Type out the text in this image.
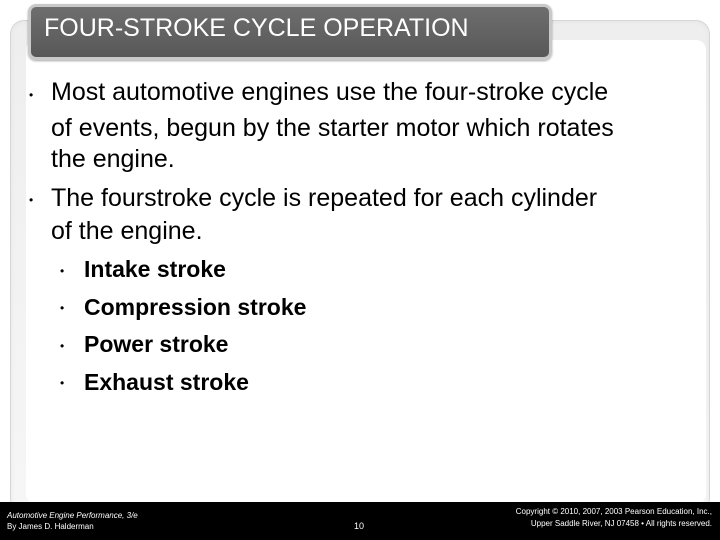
FOUR-STROKE CYCLE OPERATION
• Most automotive engines use the four-stroke cycle
of events, begun by the starter motor which rotates
the engine.
• The fourstroke cycle is repeated for each cylinder
of the engine.
• Intake stroke
• Compression stroke
• Power stroke
• Exhaust stroke
Automotive Engine Performance, 3/e
By James D. Halderman	10
Copyright © 2010, 2007, 2003 Pearson Education, Inc.,
Upper Saddle River, NJ 07458 • All rights reserved.
